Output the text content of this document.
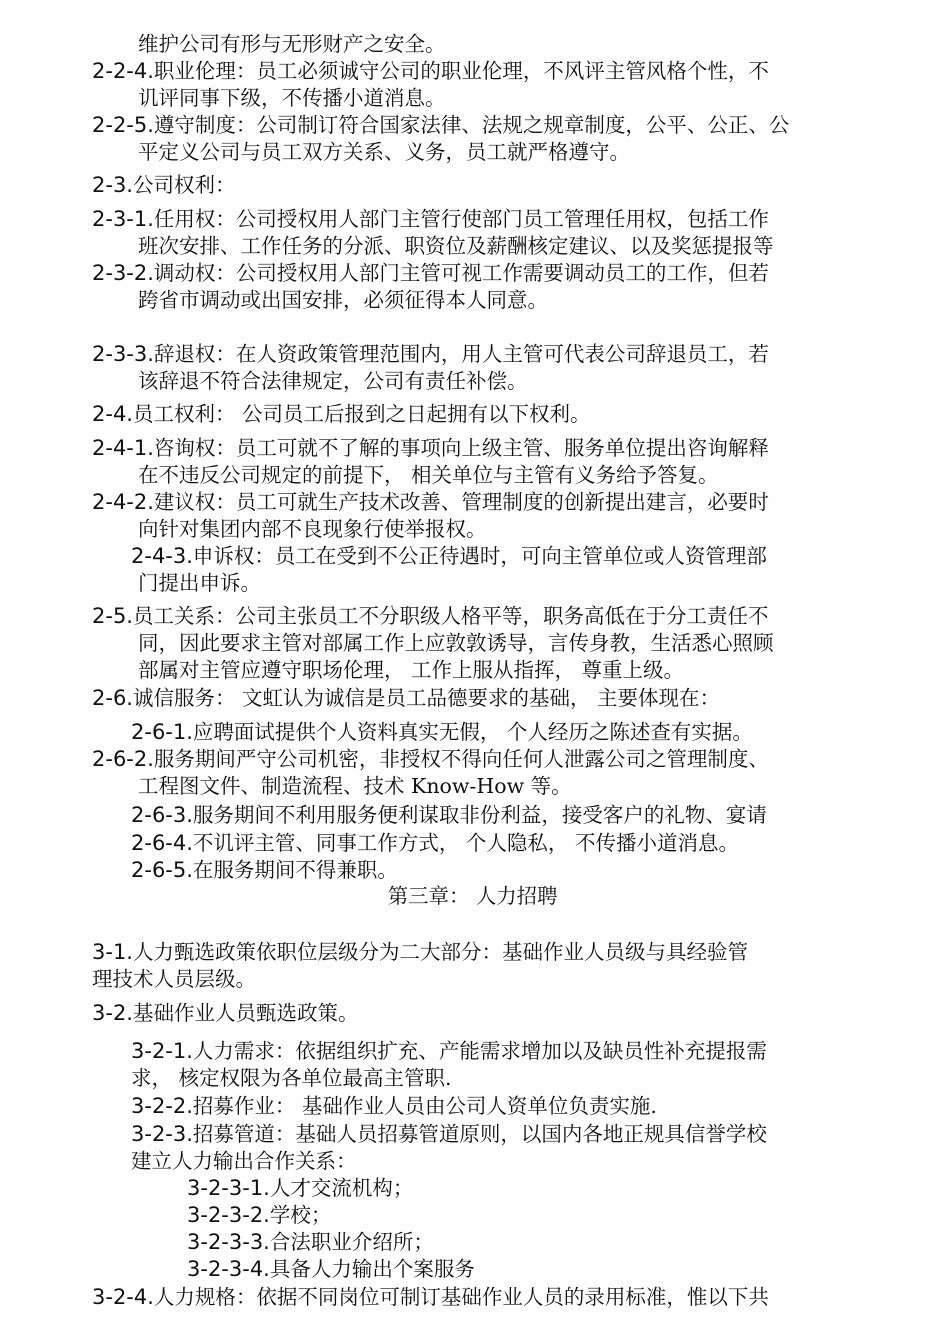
维护公司有形与无形财产之安全。
2-2-4.职业伦理：员工必须诚守公司的职业伦理，不风评主管风格个性，不
讥评同事下级，不传播小道消息。
2-2-5.遵守制度：公司制订符合国家法律、法规之规章制度，公平、公正、公
平定义公司与员工双方关系、义务，员工就严格遵守。
2-3.公司权利：
2-3-1.任用权：公司授权用人部门主管行使部门员工管理任用权，包括工作
班次安排、工作任务的分派、职资位及薪酬核定建议、以及奖惩提报等
2-3-2.调动权：公司授权用人部门主管可视工作需要调动员工的工作，但若
跨省市调动或出国安排，必须征得本人同意。
2-3-3.辞退权：在人资政策管理范围内，用人主管可代表公司辞退员工，若
该辞退不符合法律规定，公司有责任补偿。
2-4.员工权利： 公司员工后报到之日起拥有以下权利。
2-4-1.咨询权：员工可就不了解的事项向上级主管、服务单位提出咨询解释
在不违反公司规定的前提下， 相关单位与主管有义务给予答复。
2-4-2.建议权：员工可就生产技术改善、管理制度的创新提出建言，必要时
向针对集团内部不良现象行使举报权。
2-4-3.申诉权：员工在受到不公正待遇时，可向主管单位或人资管理部
门提出申诉。
2-5.员工关系：公司主张员工不分职级人格平等，职务高低在于分工责任不
同，因此要求主管对部属工作上应敦敦诱导，言传身教，生活悉心照顾
部属对主管应遵守职场伦理， 工作上服从指挥， 尊重上级。
2-6.诚信服务： 文虹认为诚信是员工品德要求的基础， 主要体现在：
2-6-1.应聘面试提供个人资料真实无假， 个人经历之陈述查有实据。
2-6-2.服务期间严守公司机密，非授权不得向任何人泄露公司之管理制度、
工程图文件、制造流程、技术 Know-How 等。
2-6-3.服务期间不利用服务便利谋取非份利益，接受客户的礼物、宴请
2-6-4.不讥评主管、同事工作方式， 个人隐私， 不传播小道消息。
2-6-5.在服务期间不得兼职。
第三章： 人力招聘
3-1.人力甄选政策依职位层级分为二大部分：基础作业人员级与具经验管
理技术人员层级。
3-2.基础作业人员甄选政策。
3-2-1.人力需求：依据组织扩充、产能需求增加以及缺员性补充提报需
求， 核定权限为各单位最高主管职.
3-2-2.招募作业： 基础作业人员由公司人资单位负责实施.
3-2-3.招募管道：基础人员招募管道原则，以国内各地正规具信誉学校
建立人力输出合作关系：
3-2-3-1.人才交流机构；
3-2-3-2.学校；
3-2-3-3.合法职业介绍所；
3-2-3-4.具备人力输出个案服务
3-2-4.人力规格：依据不同岗位可制订基础作业人员的录用标准，惟以下共
